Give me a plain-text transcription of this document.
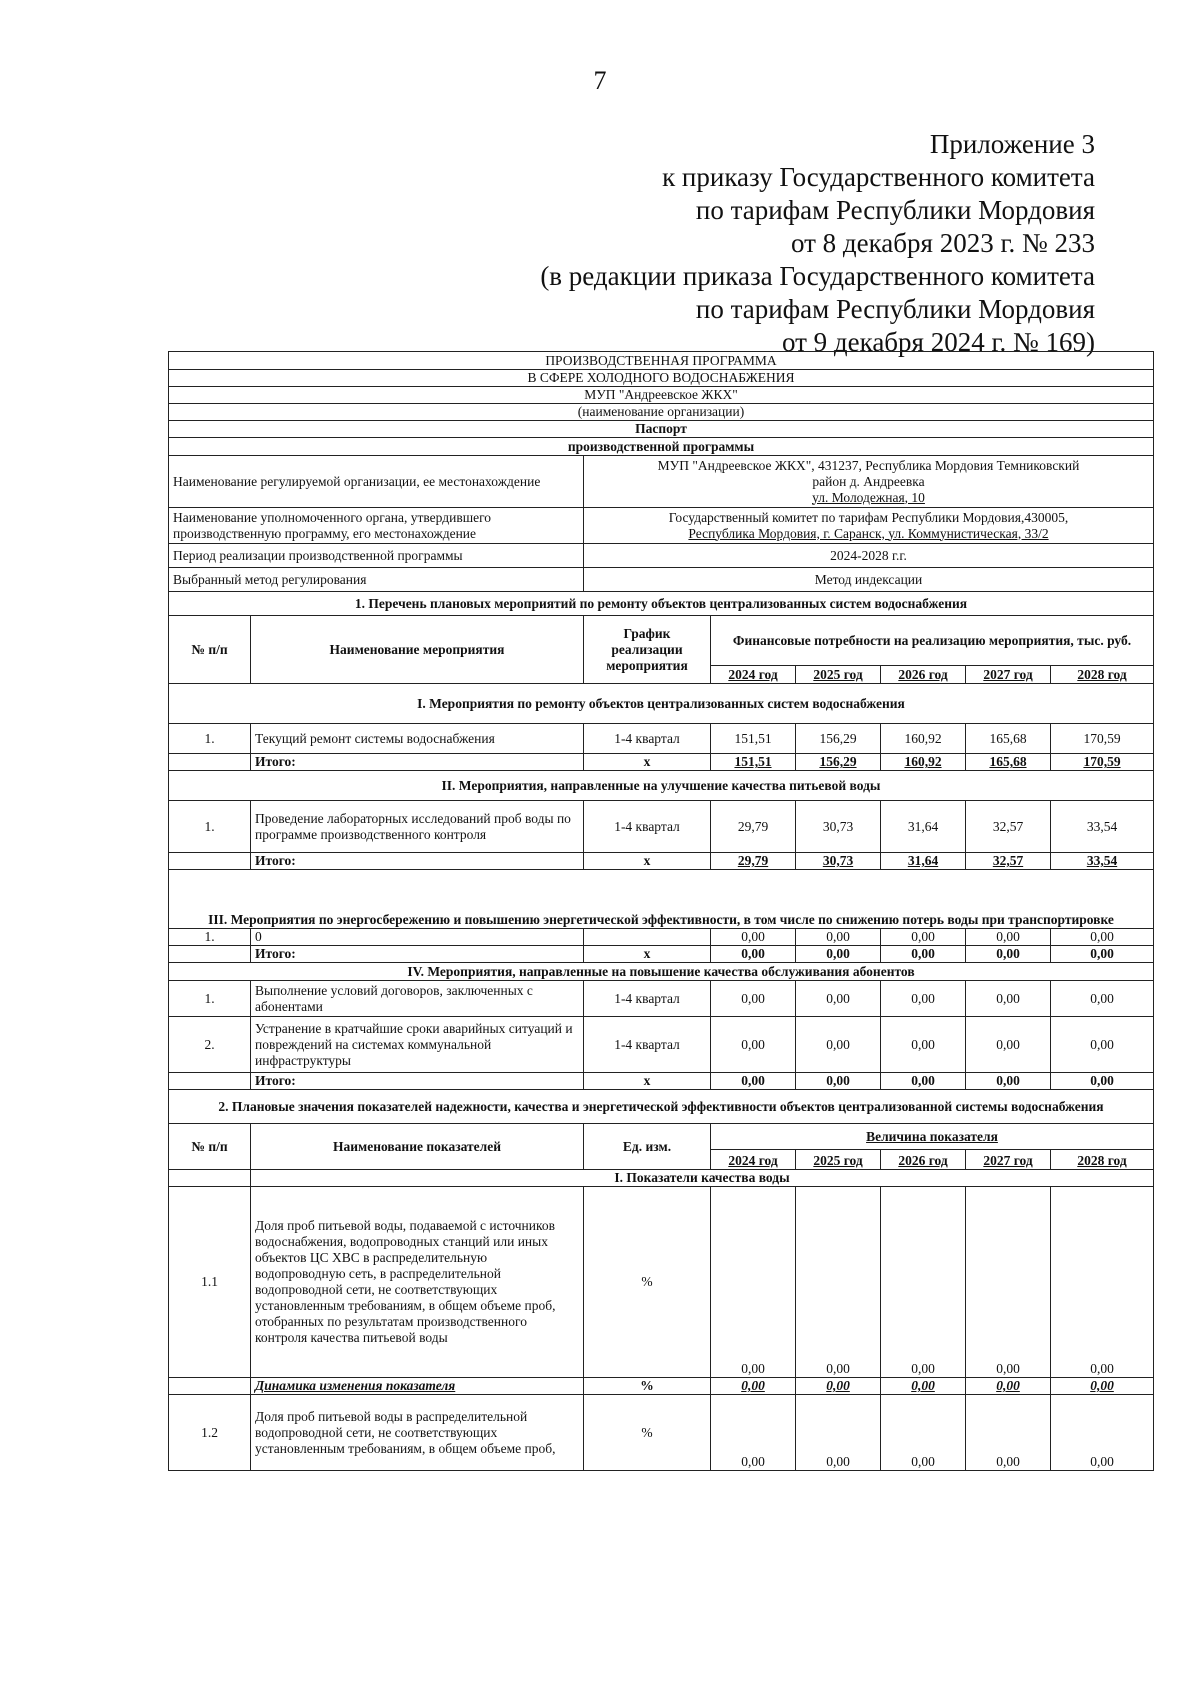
7
Приложение 3
к приказу Государственного комитета
по тарифам Республики Мордовия
от 8 декабря 2023 г. № 233
(в редакции приказа Государственного комитета
по тарифам Республики Мордовия
от 9 декабря 2024 г. № 169)
ПРОИЗВОДСТВЕННАЯ ПРОГРАММА							
В СФЕРЕ ХОЛОДНОГО ВОДОСНАБЖЕНИЯ							
МУП "Андреевское ЖКХ"							
(наименование организации)							
Паспорт							
производственной программы							
Наименование регулируемой организации, ее местонахождение		МУП "Андреевское ЖКХ", 431237, Республика Мордовия Темниковский
район д. Андреевка
ул. Молодежная, 10					

Наименование уполномоченного органа, утвердившего производственную программу, его местонахождение		Государственный комитет по тарифам Республики Мордовия,430005,
Республика Мордовия, г. Саранск, ул. Коммунистическая, 33/2					

Период реализации производственной программы		2024-2028 г.г.					
Выбранный метод регулирования		Метод индексации					
1. Перечень плановых мероприятий по ремонту объектов централизованных систем водоснабжения							
№ п/п	Наименование мероприятия	График реализации мероприятия	Финансовые потребности на реализацию мероприятия, тыс. руб.				
			2024 год	2025 год	2026 год	2027 год	2028 год
I. Мероприятия по ремонту объектов централизованных систем водоснабжения							
1.	Текущий ремонт системы водоснабжения	1-4 квартал	151,51	156,29	160,92	165,68	170,59
	Итого:	х	151,51	156,29	160,92	165,68	170,59
II. Мероприятия, направленные на улучшение качества питьевой воды							
1.	Проведение лабораторных исследований проб воды по программе производственного контроля	1-4 квартал	29,79	30,73	31,64	32,57	33,54
	Итого:	х	29,79	30,73	31,64	32,57	33,54
III. Мероприятия по энергосбережению и повышению энергетической эффективности, в том числе по снижению потерь воды при транспортировке							
1.	0		0,00	0,00	0,00	0,00	0,00
	Итого:	х	0,00	0,00	0,00	0,00	0,00
IV. Мероприятия, направленные на повышение качества обслуживания абонентов							
1.	Выполнение условий договоров, заключенных с абонентами	1-4 квартал	0,00	0,00	0,00	0,00	0,00
2.	Устранение в кратчайшие сроки аварийных ситуаций и повреждений на системах коммунальной инфраструктуры	1-4 квартал	0,00	0,00	0,00	0,00	0,00
	Итого:	х	0,00	0,00	0,00	0,00	0,00
2. Плановые значения показателей надежности, качества и энергетической эффективности объектов централизованной системы водоснабжения							
№ п/п	Наименование показателей	Ед. изм.	Величина показателя				
			2024 год	2025 год	2026 год	2027 год	2028 год
	I. Показатели качества воды						
1.1	Доля проб питьевой воды, подаваемой с источников водоснабжения, водопроводных станций или иных объектов ЦС ХВС в распределительную водопроводную сеть, в распределительной водопроводной сети, не соответствующих установленным требованиям, в общем объеме проб, отобранных по результатам производственного контроля качества питьевой воды	%	0,00	0,00	0,00	0,00	0,00
	Динамика изменения показателя	%	0,00	0,00	0,00	0,00	0,00
1.2	Доля проб питьевой воды в распределительной водопроводной сети, не соответствующих установленным требованиям, в общем объеме проб,	%	0,00	0,00	0,00	0,00	0,00
